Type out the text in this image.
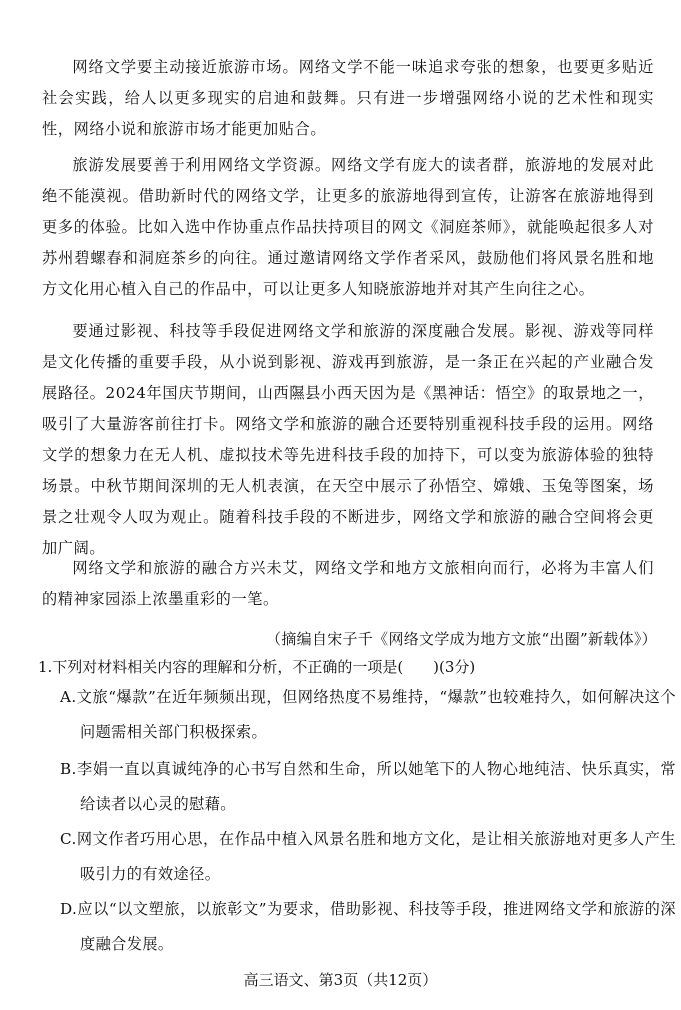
网络文学要主动接近旅游市场。网络文学不能一味追求夸张的想象，也要更多贴近社会实践，给人以更多现实的启迪和鼓舞。只有进一步增强网络小说的艺术性和现实性，网络小说和旅游市场才能更加贴合。

旅游发展要善于利用网络文学资源。网络文学有庞大的读者群，旅游地的发展对此绝不能漠视。借助新时代的网络文学，让更多的旅游地得到宣传，让游客在旅游地得到更多的体验。比如入选中作协重点作品扶持项目的网文《洞庭茶师》，就能唤起很多人对苏州碧螺春和洞庭茶乡的向往。通过邀请网络文学作者采风，鼓励他们将风景名胜和地方文化用心植入自己的作品中，可以让更多人知晓旅游地并对其产生向往之心。

要通过影视、科技等手段促进网络文学和旅游的深度融合发展。影视、游戏等同样是文化传播的重要手段，从小说到影视、游戏再到旅游，是一条正在兴起的产业融合发展路径。2024年国庆节期间，山西隰县小西天因为是《黑神话：悟空》的取景地之一，吸引了大量游客前往打卡。网络文学和旅游的融合还要特别重视科技手段的运用。网络文学的想象力在无人机、虚拟技术等先进科技手段的加持下，可以变为旅游体验的独特场景。中秋节期间深圳的无人机表演，在天空中展示了孙悟空、嫦娥、玉兔等图案，场景之壮观令人叹为观止。随着科技手段的不断进步，网络文学和旅游的融合空间将会更加广阔。

网络文学和旅游的融合方兴未艾，网络文学和地方文旅相向而行，必将为丰富人们的精神家园添上浓墨重彩的一笔。

（摘编自宋子千《网络文学成为地方文旅“出圈”新载体》）

1.下列对材料相关内容的理解和分析，不正确的一项是(　　)(3分)

A.文旅“爆款”在近年频频出现，但网络热度不易维持，“爆款”也较难持久，如何解决这个问题需相关部门积极探索。

B.李娟一直以真诚纯净的心书写自然和生命，所以她笔下的人物心地纯洁、快乐真实，常给读者以心灵的慰藉。

C.网文作者巧用心思，在作品中植入风景名胜和地方文化，是让相关旅游地对更多人产生吸引力的有效途径。

D.应以“以文塑旅，以旅彰文”为要求，借助影视、科技等手段，推进网络文学和旅游的深度融合发展。

高三语文、第3页（共12页）
